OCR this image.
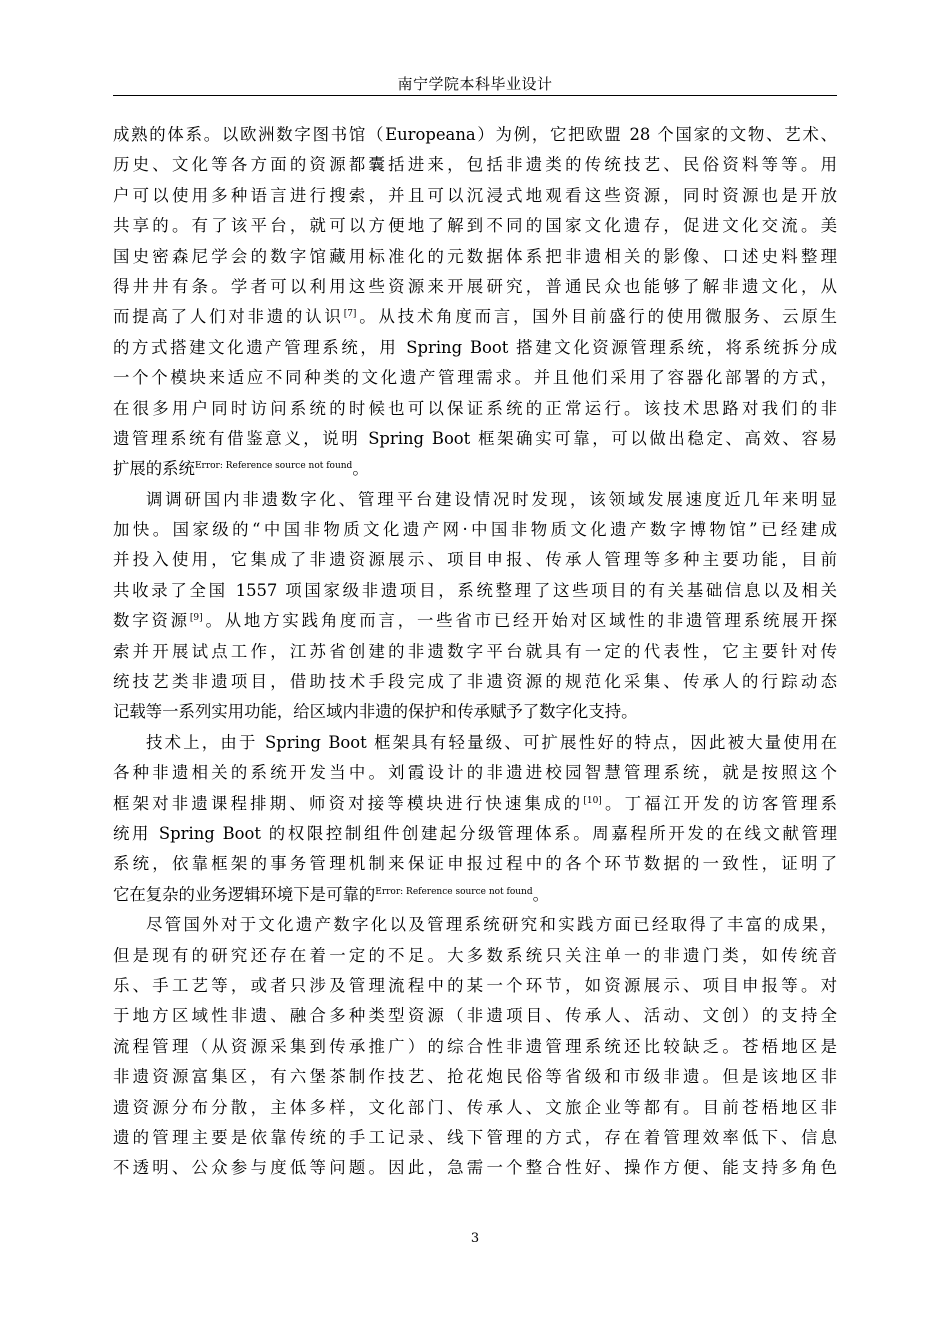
南宁学院本科毕业设计
成熟的体系。以欧洲数字图书馆（Europeana）为例，它把欧盟 28 个国家的文物、艺术、
历史、文化等各方面的资源都囊括进来，包括非遗类的传统技艺、民俗资料等等。用
户可以使用多种语言进行搜索，并且可以沉浸式地观看这些资源，同时资源也是开放
共享的。有了该平台，就可以方便地了解到不同的国家文化遗存，促进文化交流。美
国史密森尼学会的数字馆藏用标准化的元数据体系把非遗相关的影像、口述史料整理
得井井有条。学者可以利用这些资源来开展研究，普通民众也能够了解非遗文化，从
而提高了人们对非遗的认识[7]。从技术角度而言，国外目前盛行的使用微服务、云原生
的方式搭建文化遗产管理系统，用 Spring Boot 搭建文化资源管理系统，将系统拆分成
一个个模块来适应不同种类的文化遗产管理需求。并且他们采用了容器化部署的方式，
在很多用户同时访问系统的时候也可以保证系统的正常运行。该技术思路对我们的非
遗管理系统有借鉴意义，说明 Spring Boot 框架确实可靠，可以做出稳定、高效、容易
扩展的系统$^{Error: Reference source not found}$。
调调研国内非遗数字化、管理平台建设情况时发现，该领域发展速度近几年来明显
加快。国家级的“中国非物质文化遗产网·中国非物质文化遗产数字博物馆”已经建成
并投入使用，它集成了非遗资源展示、项目申报、传承人管理等多种主要功能，目前
共收录了全国 1557 项国家级非遗项目，系统整理了这些项目的有关基础信息以及相关
数字资源[9]。从地方实践角度而言，一些省市已经开始对区域性的非遗管理系统展开探
索并开展试点工作，江苏省创建的非遗数字平台就具有一定的代表性，它主要针对传
统技艺类非遗项目，借助技术手段完成了非遗资源的规范化采集、传承人的行踪动态
记载等一系列实用功能，给区域内非遗的保护和传承赋予了数字化支持。
技术上，由于 Spring Boot 框架具有轻量级、可扩展性好的特点，因此被大量使用在
各种非遗相关的系统开发当中。刘霞设计的非遗进校园智慧管理系统，就是按照这个
框架对非遗课程排期、师资对接等模块进行快速集成的[10]。丁福江开发的访客管理系
统用 Spring Boot 的权限控制组件创建起分级管理体系。周嘉程所开发的在线文献管理
系统，依靠框架的事务管理机制来保证申报过程中的各个环节数据的一致性，证明了
它在复杂的业务逻辑环境下是可靠的$^{Error: Reference source not found}$。
尽管国外对于文化遗产数字化以及管理系统研究和实践方面已经取得了丰富的成果，
但是现有的研究还存在着一定的不足。大多数系统只关注单一的非遗门类，如传统音
乐、手工艺等，或者只涉及管理流程中的某一个环节，如资源展示、项目申报等。对
于地方区域性非遗、融合多种类型资源（非遗项目、传承人、活动、文创）的支持全
流程管理（从资源采集到传承推广）的综合性非遗管理系统还比较缺乏。苍梧地区是
非遗资源富集区，有六堡茶制作技艺、抢花炮民俗等省级和市级非遗。但是该地区非
遗资源分布分散，主体多样，文化部门、传承人、文旅企业等都有。目前苍梧地区非
遗的管理主要是依靠传统的手工记录、线下管理的方式，存在着管理效率低下、信息
不透明、公众参与度低等问题。因此，急需一个整合性好、操作方便、能支持多角色
3
